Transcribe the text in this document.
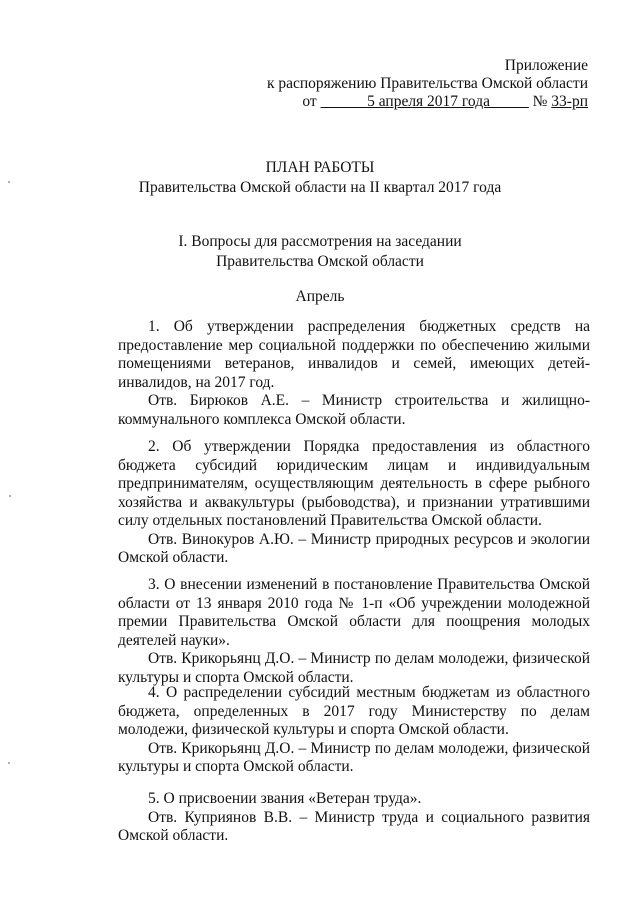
Приложение
к распоряжению Правительства Омской области
от ______5 апреля 2017 года_____ № 33-рп
ПЛАН РАБОТЫ
Правительства Омской области на II квартал 2017 года
I. Вопросы для рассмотрения на заседании
Правительства Омской области
Апрель

1. Об утверждении распределения бюджетных средств на предоставление мер социальной поддержки по обеспечению жилыми помещениями ветеранов, инвалидов и семей, имеющих детей-инвалидов, на 2017 год.

Отв. Бирюков А.Е. – Министр строительства и жилищно-коммунального комплекса Омской области.

2. Об утверждении Порядка предоставления из областного бюджета субсидий юридическим лицам и индивидуальным предпринимателям, осуществляющим деятельность в сфере рыбного хозяйства и аквакультуры (рыбоводства), и признании утратившими силу отдельных постановлений Правительства Омской области.

Отв. Винокуров А.Ю. – Министр природных ресурсов и экологии Омской области.

3. О внесении изменений в постановление Правительства Омской области от 13 января 2010 года № 1-п «Об учреждении молодежной премии Правительства Омской области для поощрения молодых деятелей науки».

Отв. Крикорьянц Д.О. – Министр по делам молодежи, физической культуры и спорта Омской области.

4. О распределении субсидий местным бюджетам из областного бюджета, определенных в 2017 году Министерству по делам молодежи, физической культуры и спорта Омской области.

Отв. Крикорьянц Д.О. – Министр по делам молодежи, физической культуры и спорта Омской области.

5. О присвоении звания «Ветеран труда».

Отв. Куприянов В.В. – Министр труда и социального развития Омской области.
